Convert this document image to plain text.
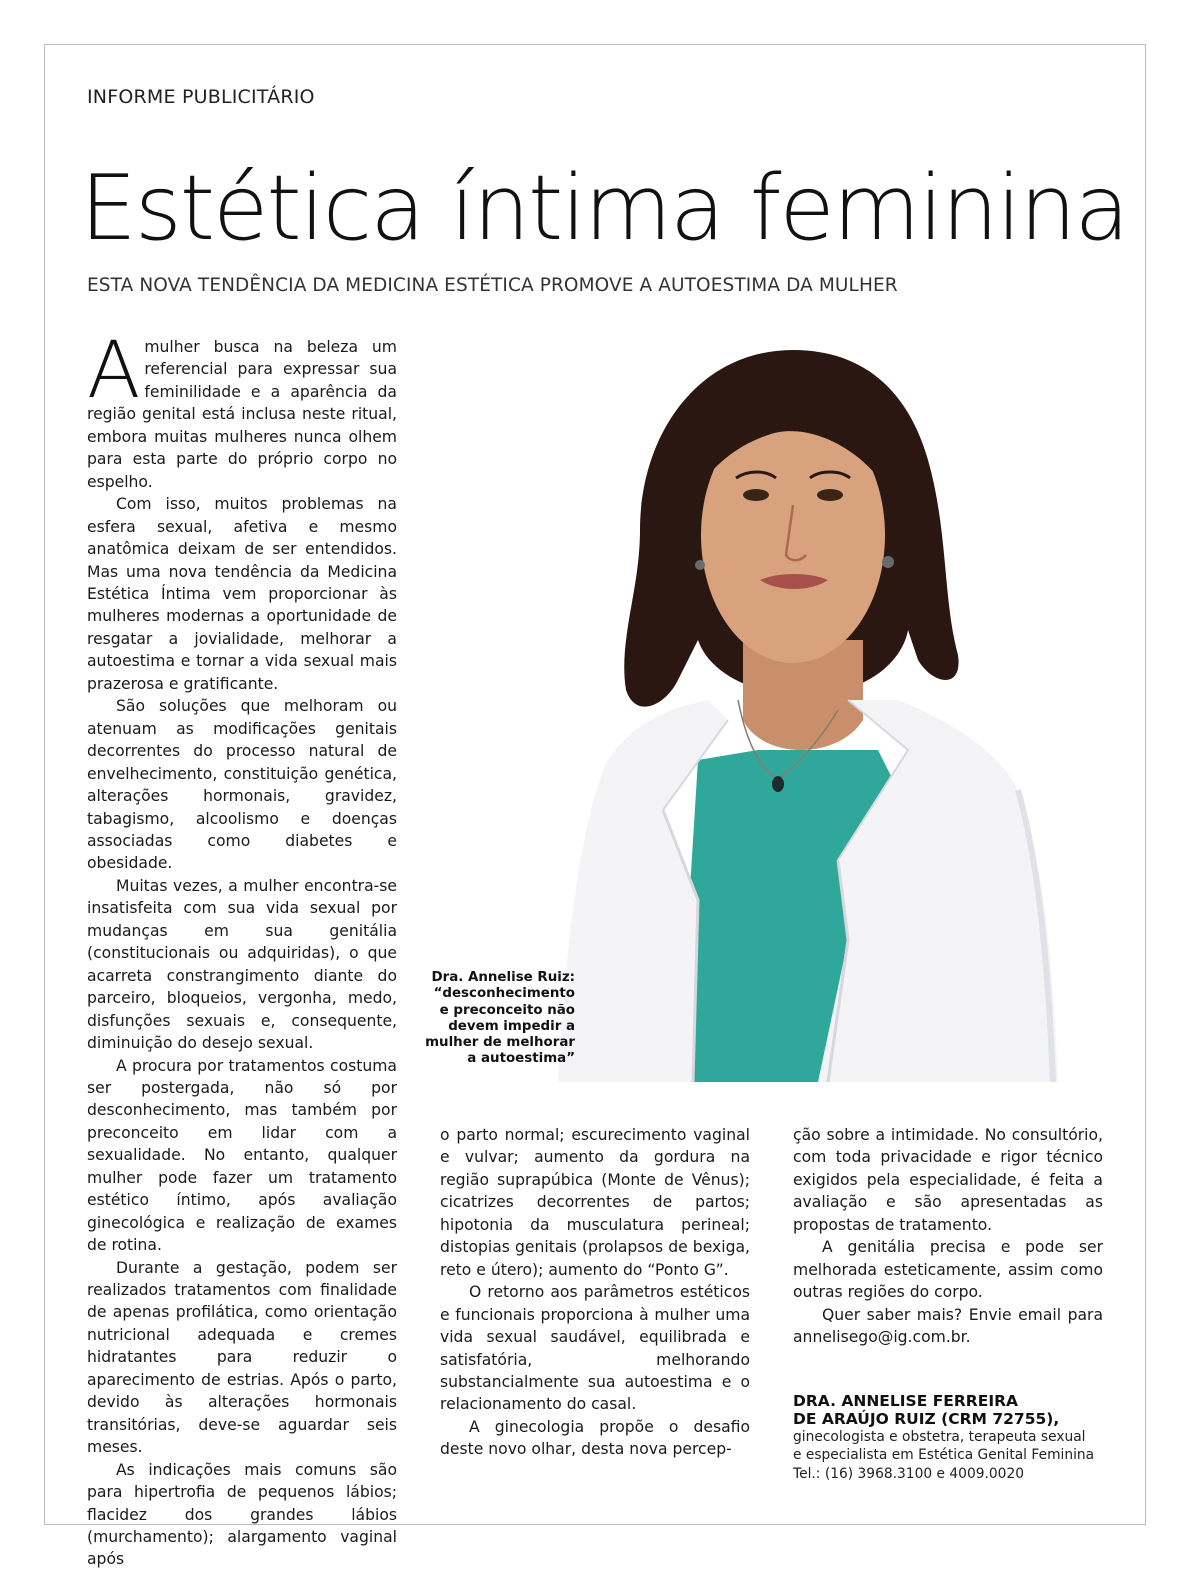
INFORME PUBLICITÁRIO
Estética íntima feminina
ESTA NOVA TENDÊNCIA DA MEDICINA ESTÉTICA PROMOVE A AUTOESTIMA DA MULHER
A mulher busca na beleza um referencial para expressar sua feminilidade e a aparência da região genital está inclusa neste ritual, embora muitas mulheres nunca olhem para esta parte do próprio corpo no espelho.

Com isso, muitos problemas na esfera sexual, afetiva e mesmo anatômica deixam de ser entendidos. Mas uma nova tendência da Medicina Estética Íntima vem proporcionar às mulheres modernas a oportunidade de resgatar a jovialidade, melhorar a autoestima e tornar a vida sexual mais prazerosa e gratificante.

São soluções que melhoram ou atenuam as modificações genitais decorrentes do processo natural de envelhecimento, constituição genética, alterações hormonais, gravidez, tabagismo, alcoolismo e doenças associadas como diabetes e obesidade.

Muitas vezes, a mulher encontra-se insatisfeita com sua vida sexual por mudanças em sua genitália (constitucionais ou adquiridas), o que acarreta constrangimento diante do parceiro, bloqueios, vergonha, medo, disfunções sexuais e, consequente, diminuição do desejo sexual.

A procura por tratamentos costuma ser postergada, não só por desconhecimento, mas também por preconceito em lidar com a sexualidade. No entanto, qualquer mulher pode fazer um tratamento estético íntimo, após avaliação ginecológica e realização de exames de rotina.

Durante a gestação, podem ser realizados tratamentos com finalidade de apenas profilática, como orientação nutricional adequada e cremes hidratantes para reduzir o aparecimento de estrias. Após o parto, devido às alterações hormonais transitórias, deve-se aguardar seis meses.

As indicações mais comuns são para hipertrofia de pequenos lábios; flacidez dos grandes lábios (murchamento); alargamento vaginal após

Dra. Annelise Ruiz: “desconhecimento e preconceito não devem impedir a mulher de melhorar a autoestima”

o parto normal; escurecimento vaginal e vulvar; aumento da gordura na região suprapúbica (Monte de Vênus); cicatrizes decorrentes de partos; hipotonia da musculatura perineal; distopias genitais (prolapsos de bexiga, reto e útero); aumento do “Ponto G”.

O retorno aos parâmetros estéticos e funcionais proporciona à mulher uma vida sexual saudável, equilibrada e satisfatória, melhorando substancialmente sua autoestima e o relacionamento do casal.

A ginecologia propõe o desafio deste novo olhar, desta nova percep-

ção sobre a intimidade. No consultório, com toda privacidade e rigor técnico exigidos pela especialidade, é feita a avaliação e são apresentadas as propostas de tratamento.

A genitália precisa e pode ser melhorada esteticamente, assim como outras regiões do corpo.

Quer saber mais? Envie email para annelisego@ig.com.br.

DRA. ANNELISE FERREIRA
DE ARAÚJO RUIZ (CRM 72755),
ginecologista e obstetra, terapeuta sexual
e especialista em Estética Genital Feminina
Tel.: (16) 3968.3100 e 4009.0020
